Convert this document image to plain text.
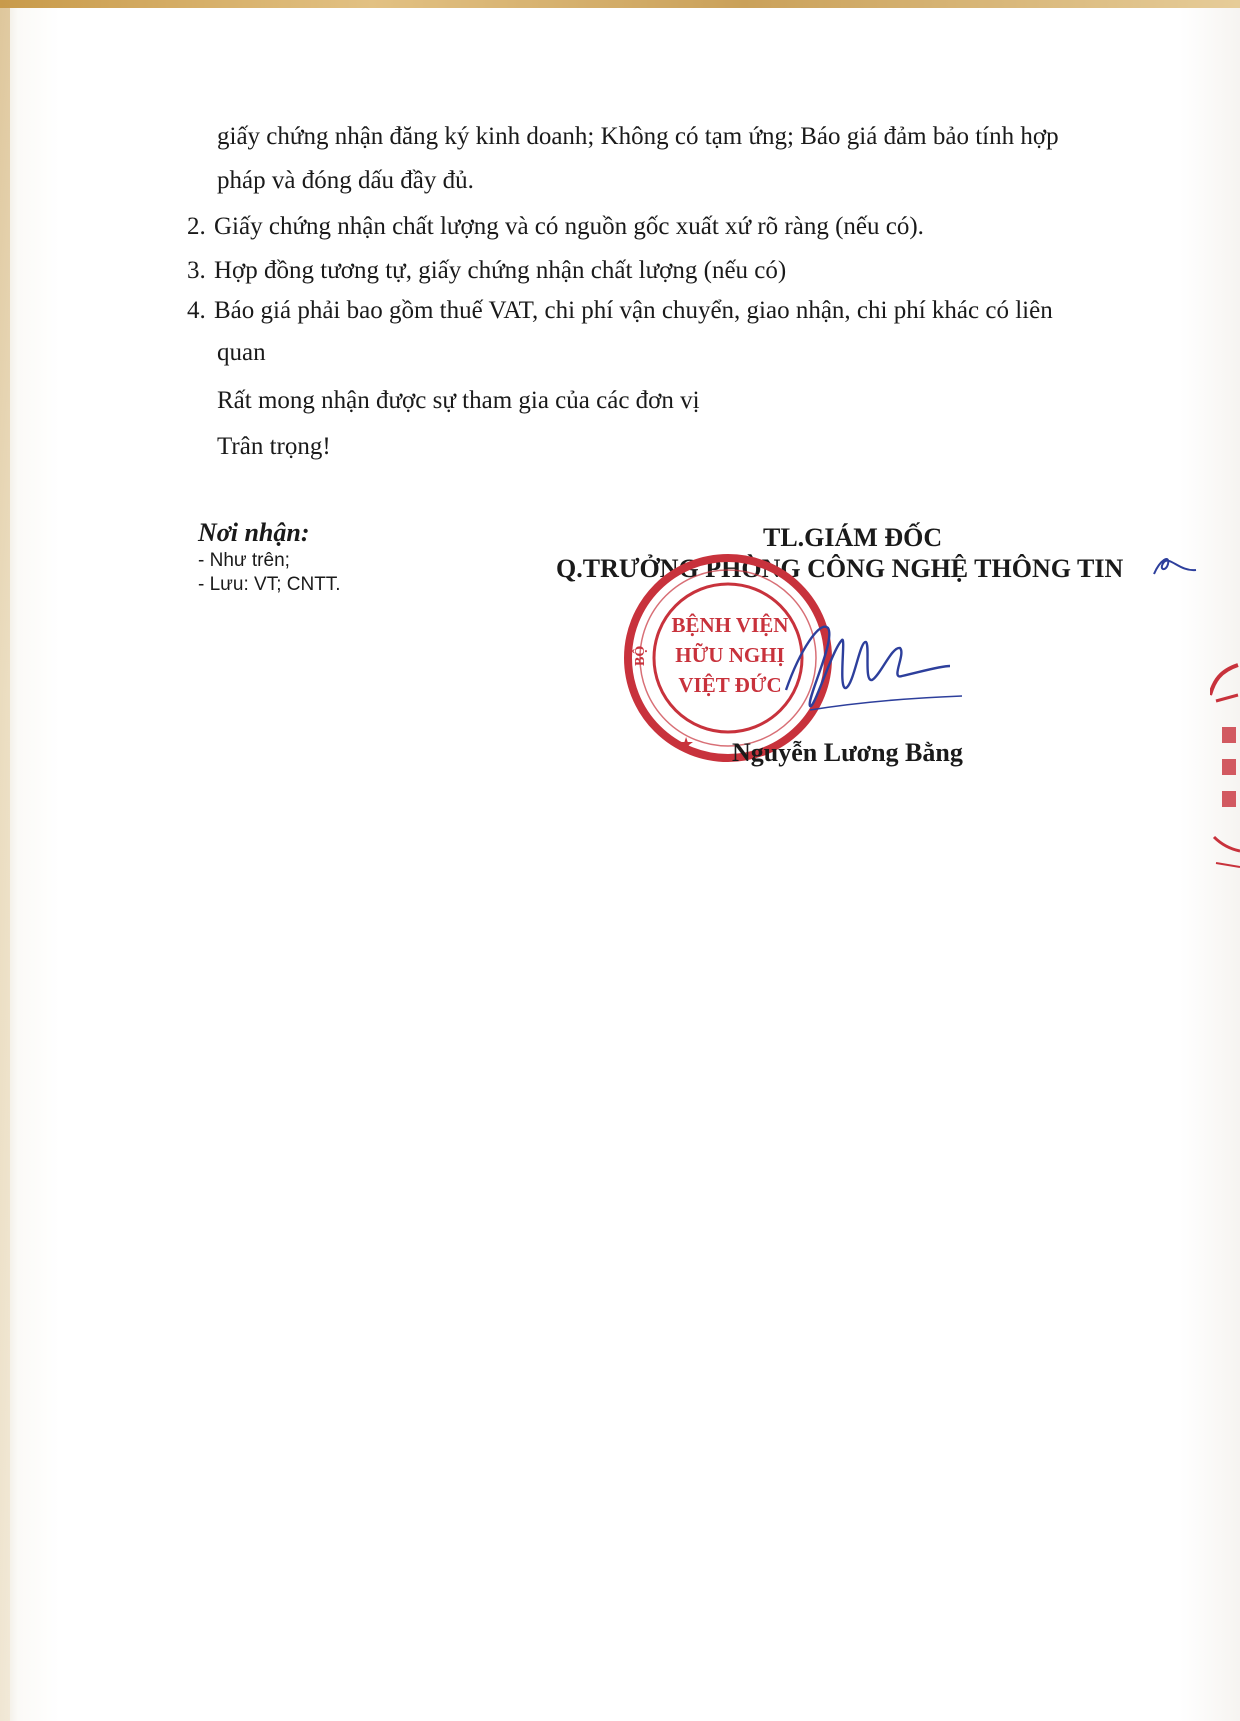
giấy chứng nhận đăng ký kinh doanh; Không có tạm ứng; Báo giá đảm bảo tính hợp
pháp và đóng dấu đầy đủ.
2. Giấy chứng nhận chất lượng và có nguồn gốc xuất xứ rõ ràng (nếu có).
3. Hợp đồng tương tự, giấy chứng nhận chất lượng (nếu có)
4. Báo giá phải bao gồm thuế VAT, chi phí vận chuyển, giao nhận, chi phí khác có liên
quan
Rất mong nhận được sự tham gia của các đơn vị
Trân trọng!
Nơi nhận:
- Như trên;
- Lưu: VT; CNTT.
TL.GIÁM ĐỐC
Q.TRƯỞNG PHÒNG CÔNG NGHỆ THÔNG TIN
BỘ
BỆNH VIỆN
HỮU NGHỊ
VIỆT ĐỨC
★ Nguyễn Lương Bằng
